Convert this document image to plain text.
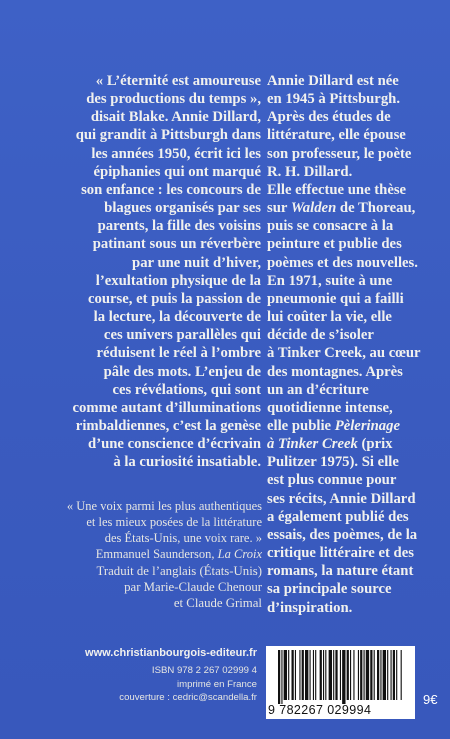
« L’éternité est amoureuse
des productions du temps »,
disait Blake. Annie Dillard,
qui grandit à Pittsburgh dans
les années 1950, écrit ici les
épiphanies qui ont marqué
son enfance : les concours de
blagues organisés par ses
parents, la fille des voisins
patinant sous un réverbère
par une nuit d’hiver,
l’exultation physique de la
course, et puis la passion de
la lecture, la découverte de
ces univers parallèles qui
réduisent le réel à l’ombre
pâle des mots. L’enjeu de
ces révélations, qui sont
comme autant d’illuminations
rimbaldiennes, c’est la genèse
d’une conscience d’écrivain
à la curiosité insatiable.

Annie Dillard est née
en 1945 à Pittsburgh.
Après des études de
littérature, elle épouse
son professeur, le poète
R. H. Dillard.

Elle effectue une thèse
sur Walden de Thoreau,
puis se consacre à la
peinture et publie des
poèmes et des nouvelles.

En 1971, suite à une
pneumonie qui a failli
lui coûter la vie, elle
décide de s’isoler
à Tinker Creek, au cœur
des montagnes. Après
un an d’écriture
quotidienne intense,
elle publie Pèlerinage
à Tinker Creek (prix
Pulitzer 1975). Si elle
est plus connue pour
ses récits, Annie Dillard
a également publié des
essais, des poèmes, de la
critique littéraire et des
romans, la nature étant
sa principale source
d’inspiration.

« Une voix parmi les plus authentiques
et les mieux posées de la littérature
des États-Unis, une voix rare. »
Emmanuel Saunderson, La Croix
Traduit de l’anglais (États-Unis)
par Marie-Claude Chenour
et Claude Grimal
www.christianbourgois-editeur.fr
ISBN 978 2 267 02999 4
imprimé en France
couverture : cedric@scandella.fr
9 782267 029994
9€
